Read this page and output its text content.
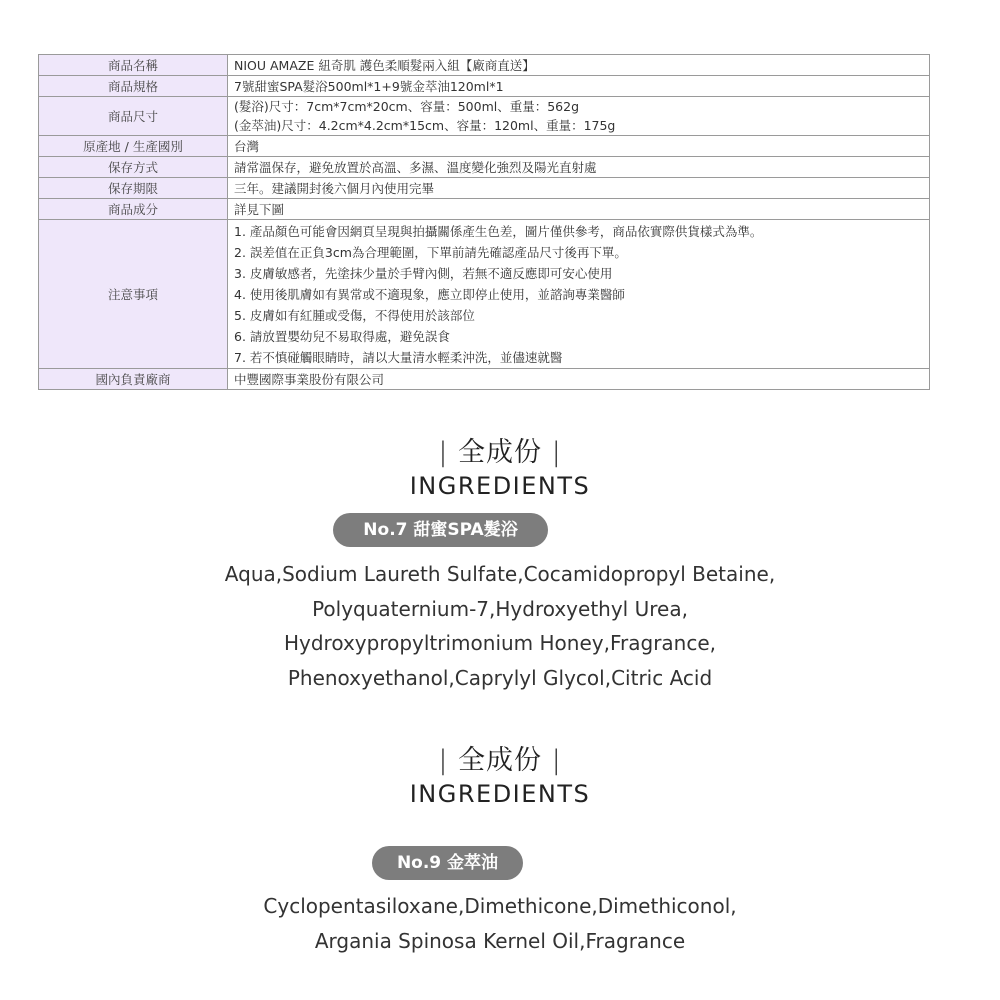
商品名稱	NIOU AMAZE 紐奇肌 護色柔順髮兩入組【廠商直送】
商品規格	7號甜蜜SPA髮浴500ml*1+9號金萃油120ml*1
商品尺寸	(髮浴)尺寸：7cm*7cm*20cm、容量：500ml、重量：562g
(金萃油)尺寸：4.2cm*4.2cm*15cm、容量：120ml、重量：175g

原產地 / 生產國別	台灣
保存方式	請常溫保存，避免放置於高溫、多濕、溫度變化強烈及陽光直射處
保存期限	三年。建議開封後六個月內使用完畢
商品成分	詳見下圖
注意事項	
1. 產品顏色可能會因網頁呈現與拍攝關係產生色差，圖片僅供參考，商品依實際供貨樣式為準。
2. 誤差值在正負3cm為合理範圍，下單前請先確認產品尺寸後再下單。
3. 皮膚敏感者，先塗抹少量於手臂內側，若無不適反應即可安心使用
4. 使用後肌膚如有異常或不適現象，應立即停止使用，並諮詢專業醫師
5. 皮膚如有紅腫或受傷，不得使用於該部位
6. 請放置嬰幼兒不易取得處，避免誤食
7. 若不慎碰觸眼睛時，請以大量清水輕柔沖洗，並儘速就醫

國內負責廠商	中豐國際事業股份有限公司
| 全成份 |
INGREDIENTS
No.7 甜蜜SPA髮浴
Aqua,Sodium Laureth Sulfate,Cocamidopropyl Betaine,
Polyquaternium-7,Hydroxyethyl Urea,
Hydroxypropyltrimonium Honey,Fragrance,
Phenoxyethanol,Caprylyl Glycol,Citric Acid
| 全成份 |
INGREDIENTS
No.9 金萃油
Cyclopentasiloxane,Dimethicone,Dimethiconol,
Argania Spinosa Kernel Oil,Fragrance
